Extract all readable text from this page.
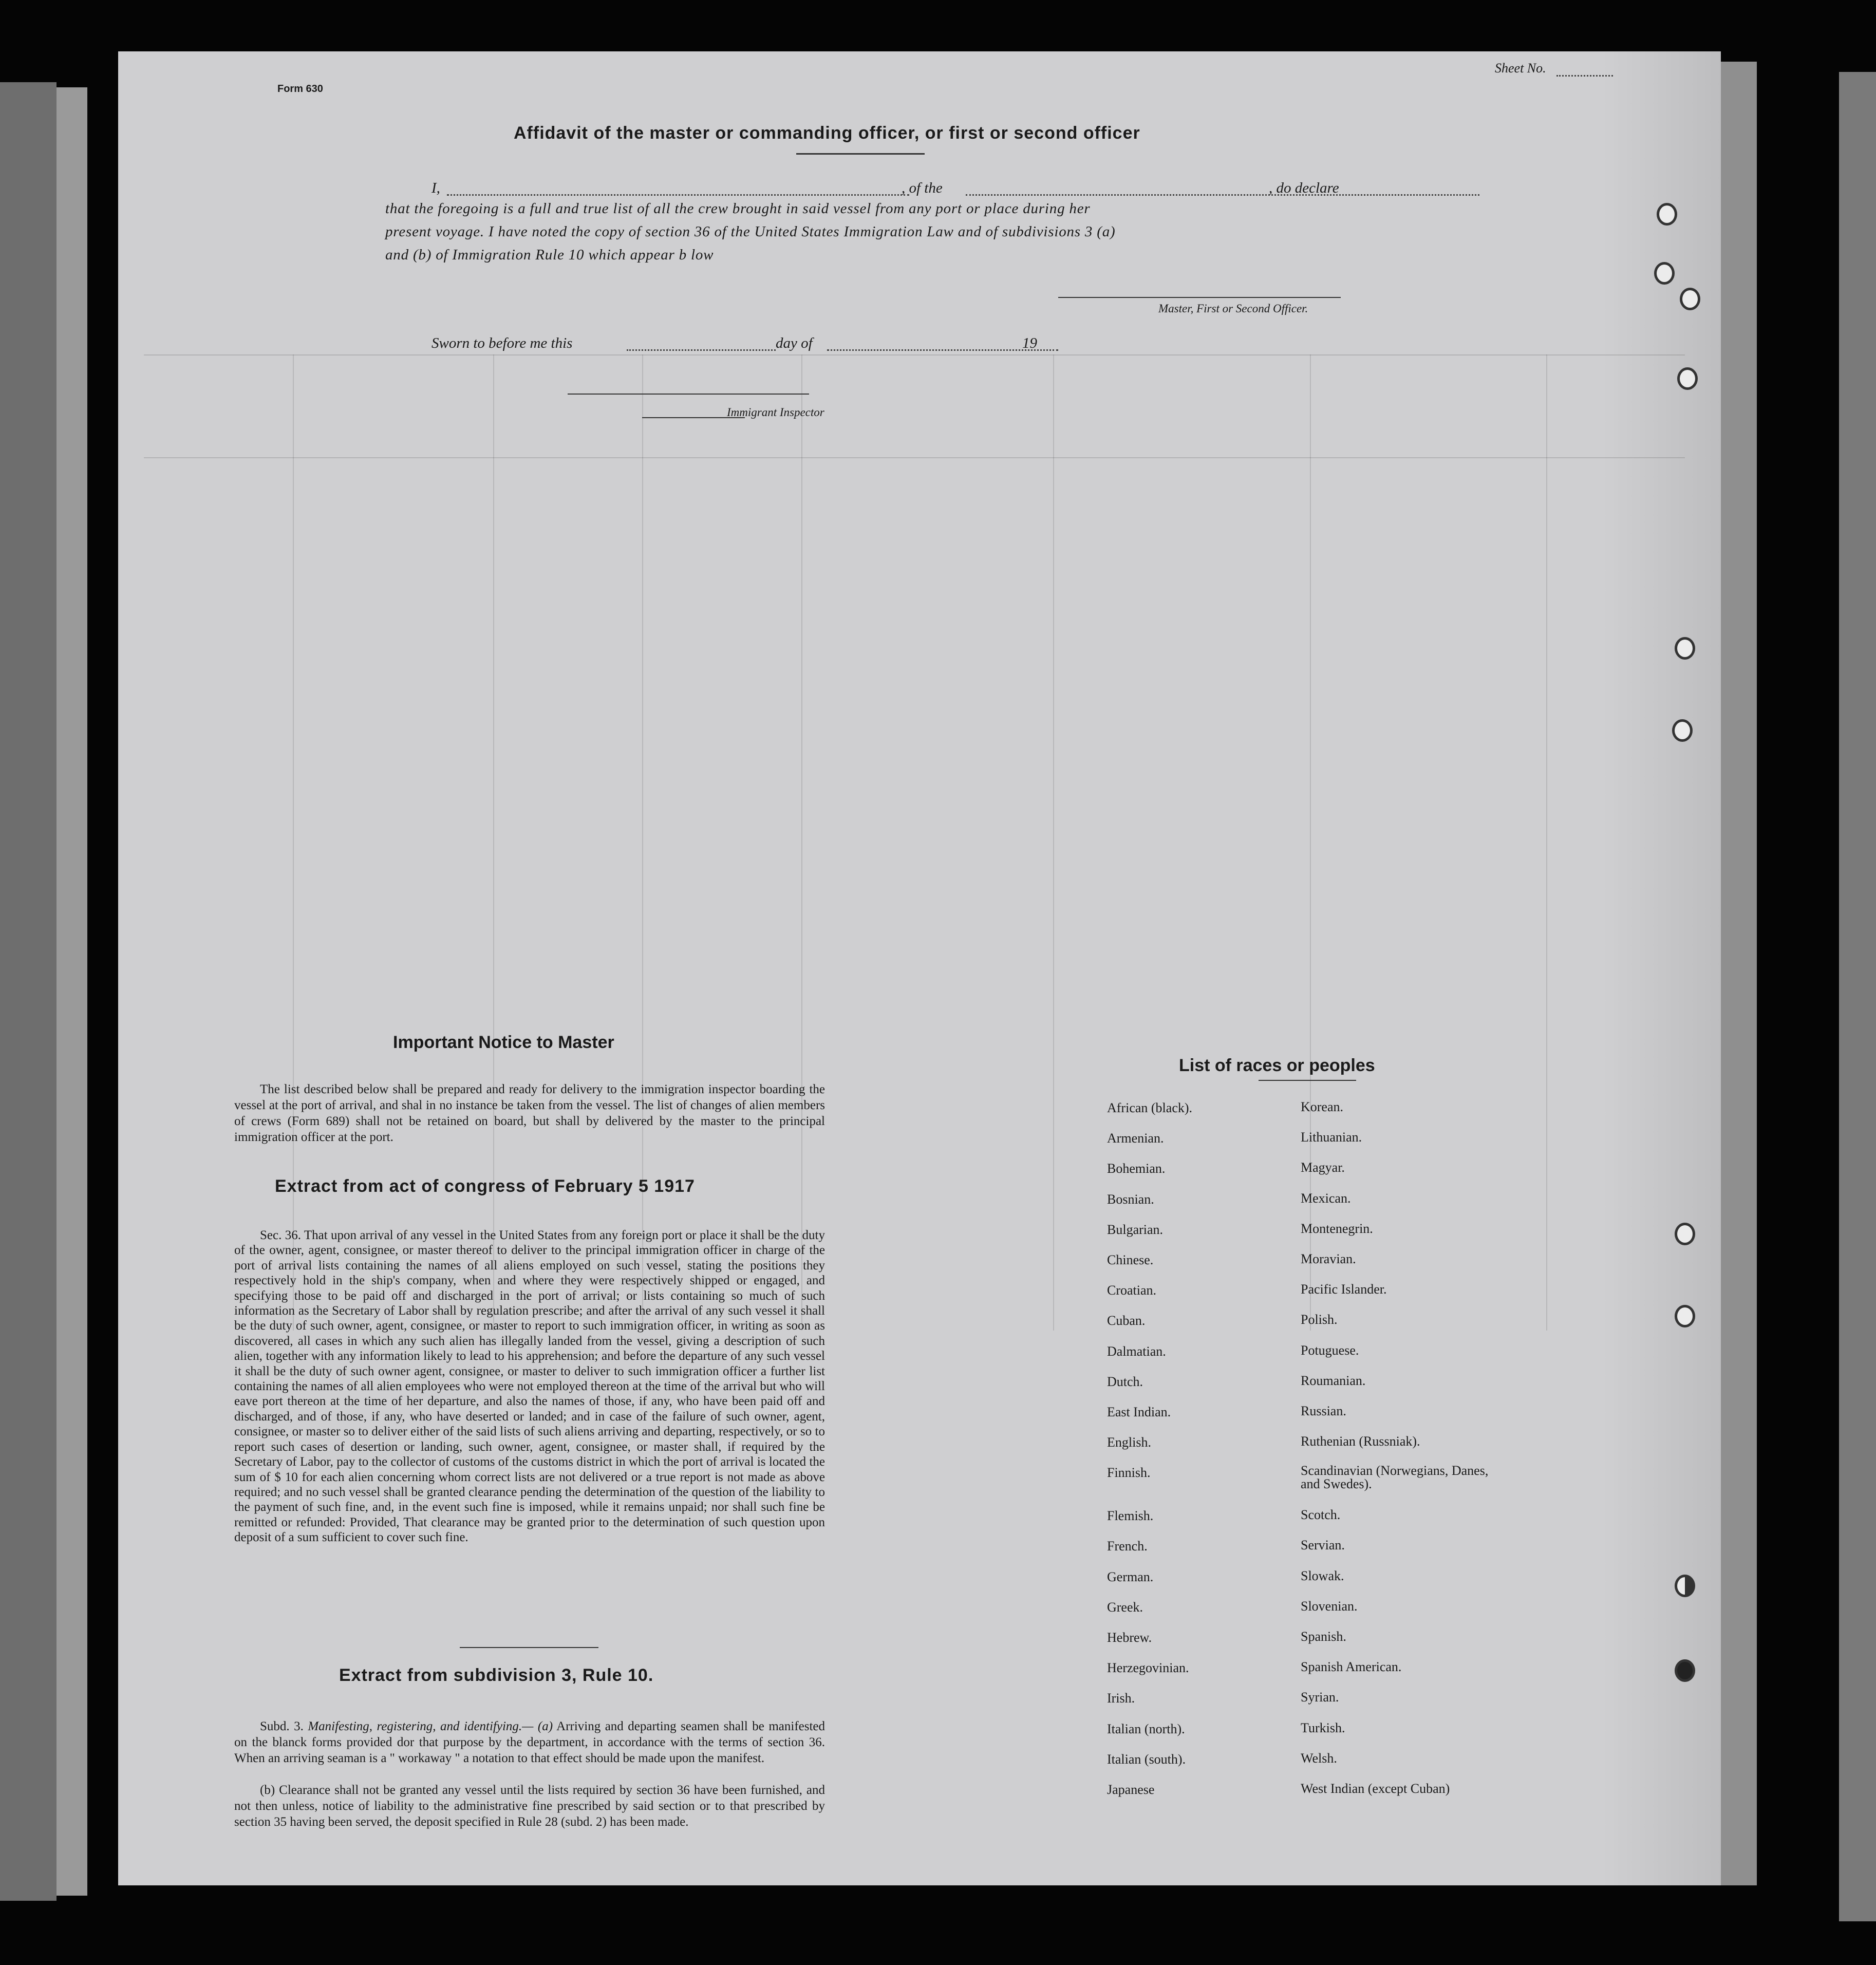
Form 630
Sheet No.
Affidavit of the master or commanding officer, or first or second officer
I,	, of the	, do declare
that the foregoing is a full and true list of all the crew brought in said vessel from any port or place during her
present voyage. I have noted the copy of section 36 of the United States Immigration Law and of subdivisions 3 (a)
and (b) of Immigration Rule 10 which appear b low
Master, First or Second Officer.
Sworn to before me this	day of	19
Immigrant Inspector
Important Notice to Master
The list described below shall be prepared and ready for delivery to the immigration inspector boarding the vessel at the port of arrival, and shal in no instance be taken from the vessel. The list of changes of alien members of crews (Form 689) shall not be retained on board, but shall by delivered by the master to the principal immigration officer at the port.
Extract from act of congress of February 5 1917
Sec. 36. That upon arrival of any vessel in the United States from any foreign port or place it shall be the duty of the owner, agent, consignee, or master thereof to deliver to the principal immigration officer in charge of the port of arrival lists containing the names of all aliens employed on such vessel, stating the positions they respectively hold in the ship's company, when and where they were respectively shipped or engaged, and specifying those to be paid off and discharged in the port of arrival; or lists containing so much of such information as the Secretary of Labor shall by regulation prescribe; and after the arrival of any such vessel it shall be the duty of such owner, agent, consignee, or master to report to such immigration officer, in writing as soon as discovered, all cases in which any such alien has illegally landed from the vessel, giving a description of such alien, together with any information likely to lead to his apprehension; and before the departure of any such vessel it shall be the duty of such owner agent, consignee, or master to deliver to such immigration officer a further list containing the names of all alien employees who were not employed thereon at the time of the arrival but who will eave port thereon at the time of her departure, and also the names of those, if any, who have been paid off and discharged, and of those, if any, who have deserted or landed; and in case of the failure of such owner, agent, consignee, or master so to deliver either of the said lists of such aliens arriving and departing, respectively, or so to report such cases of desertion or landing, such owner, agent, consignee, or master shall, if required by the Secretary of Labor, pay to the collector of customs of the customs district in which the port of arrival is located the sum of $ 10 for each alien concerning whom correct lists are not delivered or a true report is not made as above required; and no such vessel shall be granted clearance pending the determination of the question of the liability to the payment of such fine, and, in the event such fine is imposed, while it remains unpaid; nor shall such fine be remitted or refunded: Provided, That clearance may be granted prior to the determination of such question upon deposit of a sum sufficient to cover such fine.
Extract from subdivision 3, Rule 10.
Subd. 3. Manifesting, registering, and identifying.— (a) Arriving and departing seamen shall be manifested on the blanck forms provided dor that purpose by the department, in accordance with the terms of section 36. When an arriving seaman is a " workaway " a notation to that effect should be made upon the manifest.
(b) Clearance shall not be granted any vessel until the lists required by section 36 have been furnished, and not then unless, notice of liability to the administrative fine prescribed by said section or to that prescribed by section 35 having been served, the deposit specified in Rule 28 (subd. 2) has been made.
List of races or peoples
African (black).
Armenian.
Bohemian.
Bosnian.
Bulgarian.
Chinese.
Croatian.
Cuban.
Dalmatian.
Dutch.
East Indian.
English.
Finnish.
Flemish.
French.
German.
Greek.
Hebrew.
Herzegovinian.
Irish.
Italian (north).
Italian (south).
Japanese
Korean.
Lithuanian.
Magyar.
Mexican.
Montenegrin.
Moravian.
Pacific Islander.
Polish.
Potuguese.
Roumanian.
Russian.
Ruthenian (Russniak).
Scandinavian (Norwegians, Danes, and Swedes).
Scotch.
Servian.
Slowak.
Slovenian.
Spanish.
Spanish American.
Syrian.
Turkish.
Welsh.
West Indian (except Cuban)
